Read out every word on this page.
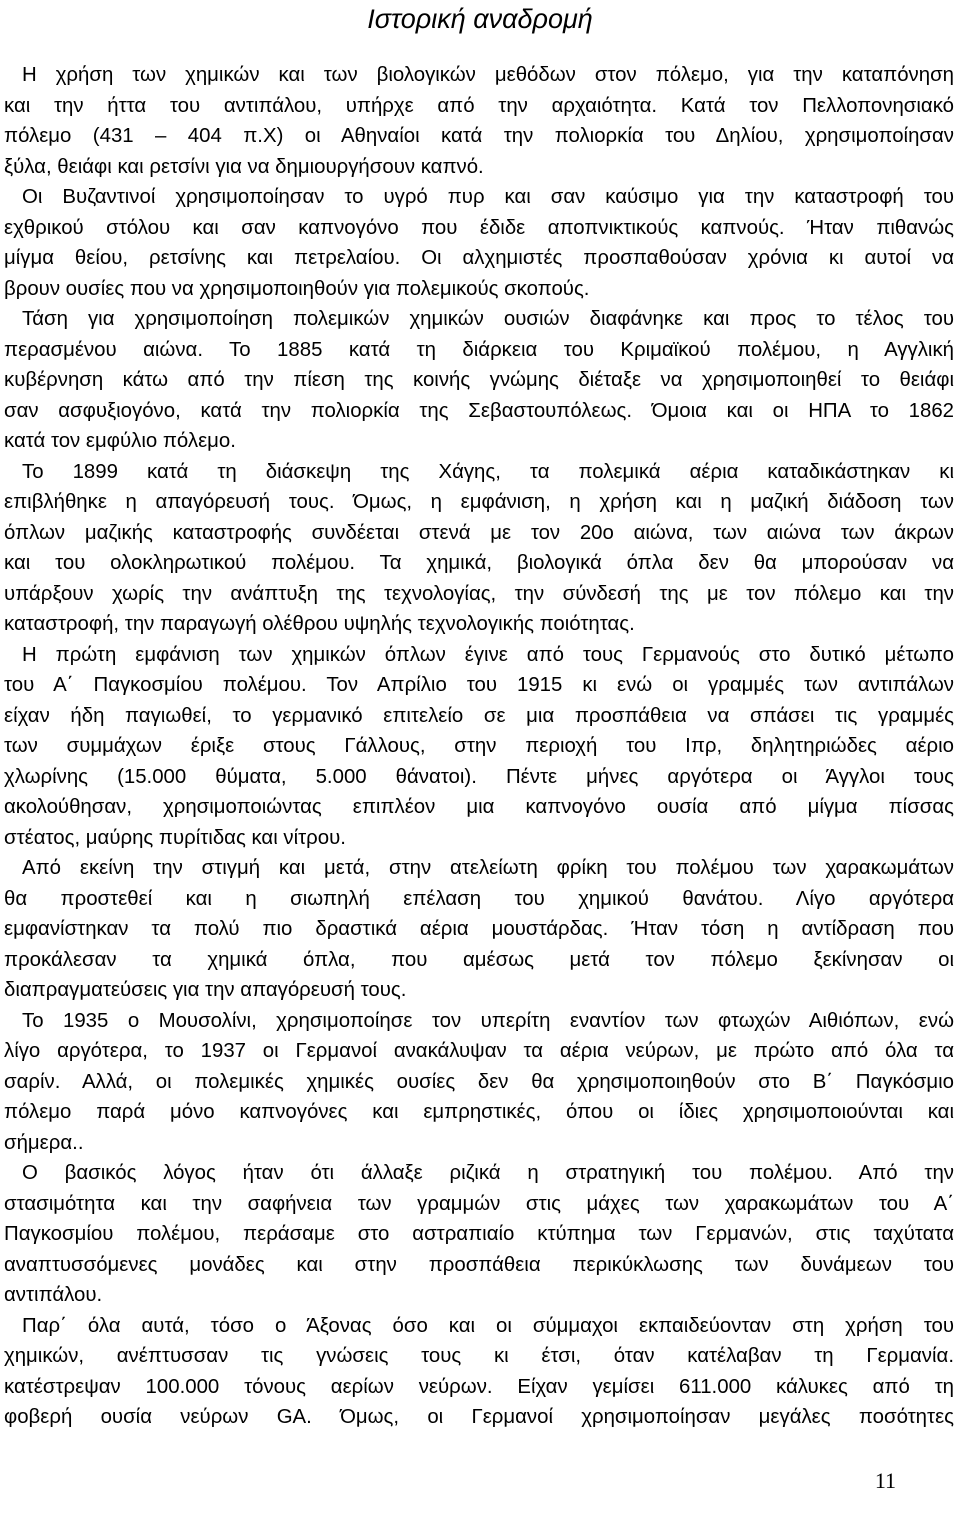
Ιστορική αναδρομή
Η χρήση των χημικών και των βιολογικών μεθόδων στον πόλεμο, για την καταπόνηση
και την ήττα του αντιπάλου, υπήρχε από την αρχαιότητα. Κατά τον Πελλοπονησιακό
πόλεμο (431 – 404 π.Χ) οι Αθηναίοι κατά την πολιορκία του Δηλίου, χρησιμοποίησαν
ξύλα, θειάφι και ρετσίνι για να δημιουργήσουν καπνό.
Οι Βυζαντινοί χρησιμοποίησαν το υγρό πυρ και σαν καύσιμο για την καταστροφή του
εχθρικού στόλου και σαν καπνογόνο που έδιδε αποπνικτικούς καπνούς. Ήταν πιθανώς
μίγμα θείου, ρετσίνης και πετρελαίου. Οι αλχημιστές προσπαθούσαν χρόνια κι αυτοί να
βρουν ουσίες που να χρησιμοποιηθούν για πολεμικούς σκοπούς.
Τάση για χρησιμοποίηση πολεμικών χημικών ουσιών διαφάνηκε και προς το τέλος του
περασμένου αιώνα. Το 1885 κατά τη διάρκεια του Κριμαϊκού πολέμου, η Αγγλική
κυβέρνηση κάτω από την πίεση της κοινής γνώμης διέταξε να χρησιμοποιηθεί το θειάφι
σαν ασφυξιογόνο, κατά την πολιορκία της Σεβαστουπόλεως. Όμοια και οι ΗΠΑ το 1862
κατά τον εμφύλιο πόλεμο.
Το 1899 κατά τη διάσκεψη της Χάγης, τα πολεμικά αέρια καταδικάστηκαν κι
επιβλήθηκε η απαγόρευσή τους. Όμως, η εμφάνιση, η χρήση και η μαζική διάδοση των
όπλων μαζικής καταστροφής συνδέεται στενά με τον 20ο αιώνα, των αιώνα των άκρων
και του ολοκληρωτικού πολέμου. Τα χημικά, βιολογικά όπλα δεν θα μπορούσαν να
υπάρξουν χωρίς την ανάπτυξη της τεχνολογίας, την σύνδεσή της με τον πόλεμο και την
καταστροφή, την παραγωγή ολέθρου υψηλής τεχνολογικής ποιότητας.
Η πρώτη εμφάνιση των χημικών όπλων έγινε από τους Γερμανούς στο δυτικό μέτωπο
του Α΄ Παγκοσμίου πολέμου. Τον Απρίλιο του 1915 κι ενώ οι γραμμές των αντιπάλων
είχαν ήδη παγιωθεί, το γερμανικό επιτελείο σε μια προσπάθεια να σπάσει τις γραμμές
των συμμάχων έριξε στους Γάλλους, στην περιοχή του Ιπρ, δηλητηριώδες αέριο
χλωρίνης (15.000 θύματα, 5.000 θάνατοι). Πέντε μήνες αργότερα οι Άγγλοι τους
ακολούθησαν, χρησιμοποιώντας επιπλέον μια καπνογόνο ουσία από μίγμα πίσσας
στέατος, μαύρης πυρίτιδας και νίτρου.
Από εκείνη την στιγμή και μετά, στην ατελείωτη φρίκη του πολέμου των χαρακωμάτων
θα προστεθεί και η σιωπηλή επέλαση του χημικού θανάτου. Λίγο αργότερα
εμφανίστηκαν τα πολύ πιο δραστικά αέρια μουστάρδας. Ήταν τόση η αντίδραση που
προκάλεσαν τα χημικά όπλα, που αμέσως μετά τον πόλεμο ξεκίνησαν οι
διαπραγματεύσεις για την απαγόρευσή τους.
Το 1935 ο Μουσολίνι, χρησιμοποίησε τον υπερίτη εναντίον των φτωχών Αιθιόπων, ενώ
λίγο αργότερα, το 1937 οι Γερμανοί ανακάλυψαν τα αέρια νεύρων, με πρώτο από όλα τα
σαρίν. Αλλά, οι πολεμικές χημικές ουσίες δεν θα χρησιμοποιηθούν στο Β΄ Παγκόσμιο
πόλεμο παρά μόνο καπνογόνες και εμπρηστικές, όπου οι ίδιες χρησιμοποιούνται και
σήμερα..
Ο βασικός λόγος ήταν ότι άλλαξε ριζικά η στρατηγική του πολέμου. Από την
στασιμότητα και την σαφήνεια των γραμμών στις μάχες των χαρακωμάτων του Α΄
Παγκοσμίου πολέμου, περάσαμε στο αστραπιαίο κτύπημα των Γερμανών, στις ταχύτατα
αναπτυσσόμενες μονάδες και στην προσπάθεια περικύκλωσης των δυνάμεων του
αντιπάλου.
Παρ΄ όλα αυτά, τόσο ο Άξονας όσο και οι σύμμαχοι εκπαιδεύονταν στη χρήση του
χημικών, ανέπτυσσαν τις γνώσεις τους κι έτσι, όταν κατέλαβαν τη Γερμανία.
κατέστρεψαν 100.000 τόνους αερίων νεύρων. Είχαν γεμίσει 611.000 κάλυκες από τη
φοβερή ουσία νεύρων GA. Όμως, οι Γερμανοί χρησιμοποίησαν μεγάλες ποσότητες
11
